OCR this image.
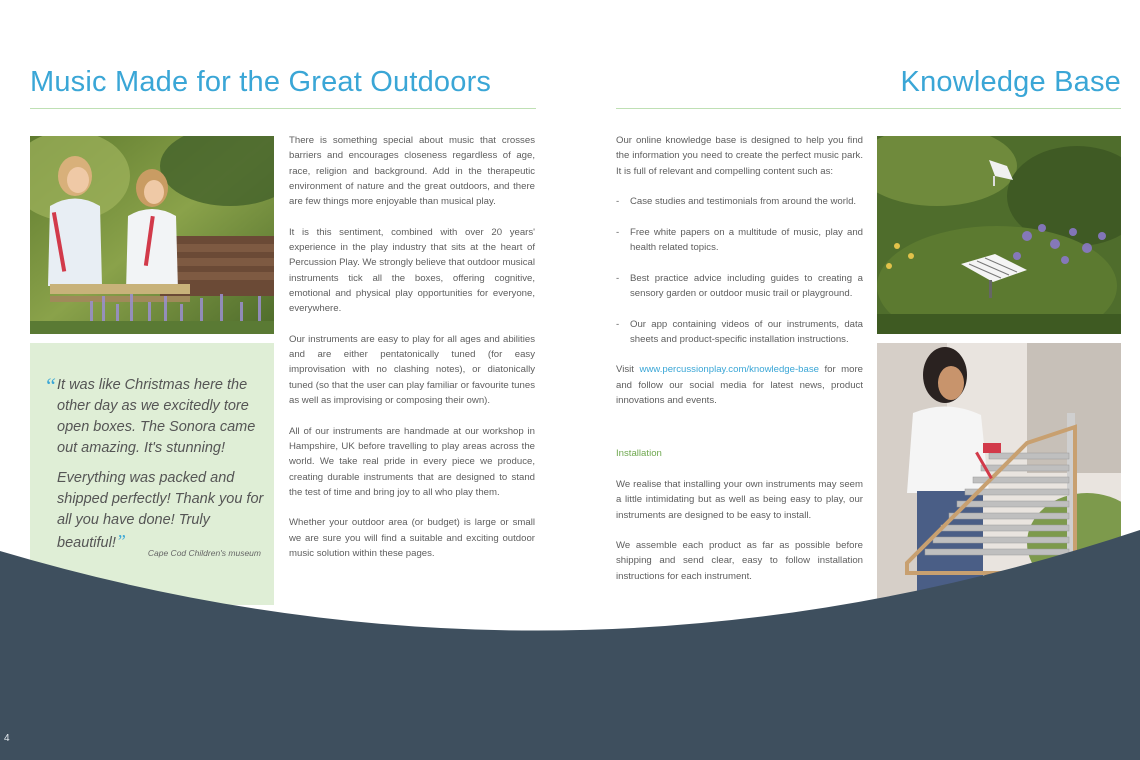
Music Made for the Great Outdoors	Knowledge Base
“ It was like Christmas here the other day as we excitedly tore open boxes. The Sonora came out amazing. It's stunning!

Everything was packed and shipped perfectly! Thank you for all you have done! Truly beautiful!”

Cape Cod Children's museum

There is something special about music that crosses barriers and encourages closeness regardless of age, race, religion and background. Add in the therapeutic environment of nature and the great outdoors, and there are few things more enjoyable than musical play.

It is this sentiment, combined with over 20 years' experience in the play industry that sits at the heart of Percussion Play. We strongly believe that outdoor musical instruments tick all the boxes, offering cognitive, emotional and physical play opportunities for everyone, everywhere.

Our instruments are easy to play for all ages and abilities and are either pentatonically tuned (for easy improvisation with no clashing notes), or diatonically tuned (so that the user can play familiar or favourite tunes as well as improvising or composing their own).

All of our instruments are handmade at our workshop in Hampshire, UK before travelling to play areas across the world. We take real pride in every piece we produce, creating durable instruments that are designed to stand the test of time and bring joy to all who play them.

Whether your outdoor area (or budget) is large or small we are sure you will find a suitable and exciting outdoor music solution within these pages.

Our online knowledge base is designed to help you find the information you need to create the perfect music park. It is full of relevant and compelling content such as:

- Case studies and testimonials from around the world.
- Free white papers on a multitude of music, play and health related topics.
- Best practice advice including guides to creating a sensory garden or outdoor music trail or playground.
- Our app containing videos of our instruments, data sheets and product-specific installation instructions.

Visit www.percussionplay.com/knowledge-base for more and follow our social media for latest news, product innovations and events.

Installation

We realise that installing your own instruments may seem a little intimidating but as well as being easy to play, our instruments are designed to be easy to install.

We assemble each product as far as possible before shipping and send clear, easy to follow installation instructions for each instrument.

4
